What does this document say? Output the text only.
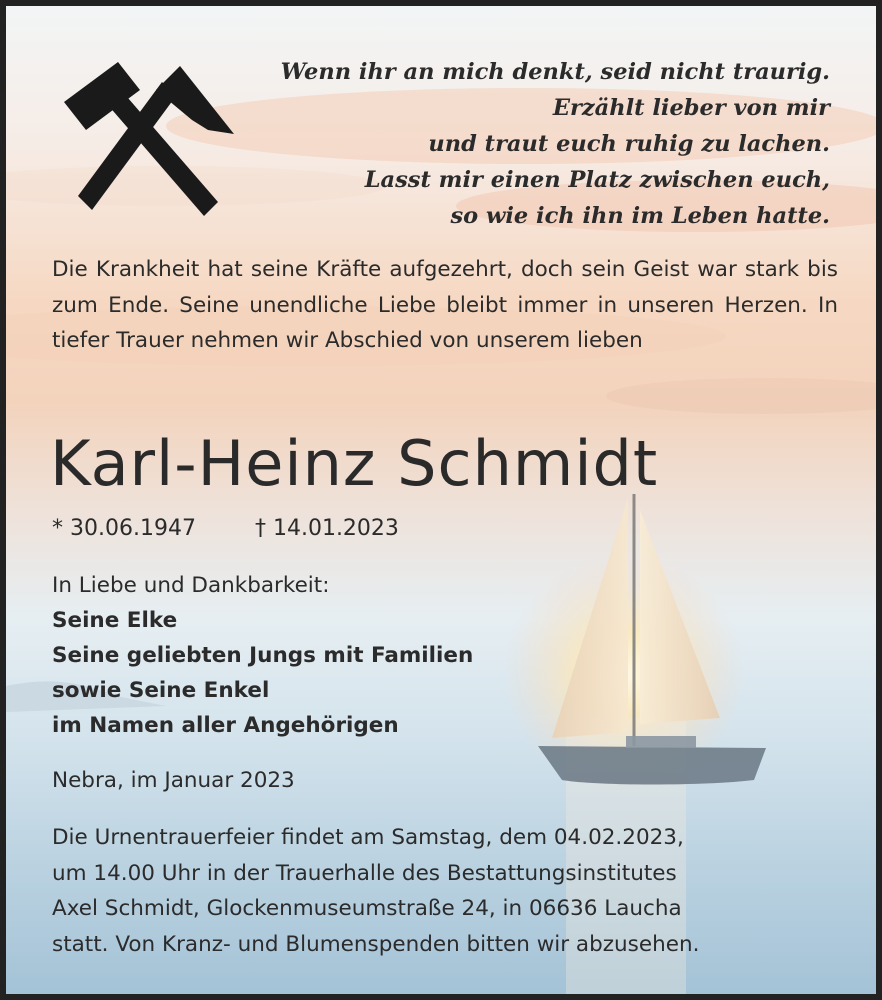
Wenn ihr an mich denkt, seid nicht traurig.
Erzählt lieber von mir
und traut euch ruhig zu lachen.
Lasst mir einen Platz zwischen euch,
so wie ich ihn im Leben hatte.

Die Krankheit hat seine Kräfte aufgezehrt, doch sein Geist war stark bis zum Ende. Seine unendliche Liebe bleibt immer in unseren Herzen. In tiefer Trauer nehmen wir Abschied von unserem lieben

Karl-Heinz Schmidt
* 30.06.1947	† 14.01.2023
In Liebe und Dankbarkeit:
Seine Elke
Seine geliebten Jungs mit Familien
sowie Seine Enkel
im Namen aller Angehörigen
Nebra, im Januar 2023

Die Urnentrauerfeier findet am Samstag, dem 04.02.2023,
um 14.00 Uhr in der Trauerhalle des Bestattungsinstitutes
Axel Schmidt, Glockenmuseumstraße 24, in 06636 Laucha
statt. Von Kranz- und Blumenspenden bitten wir abzusehen.
